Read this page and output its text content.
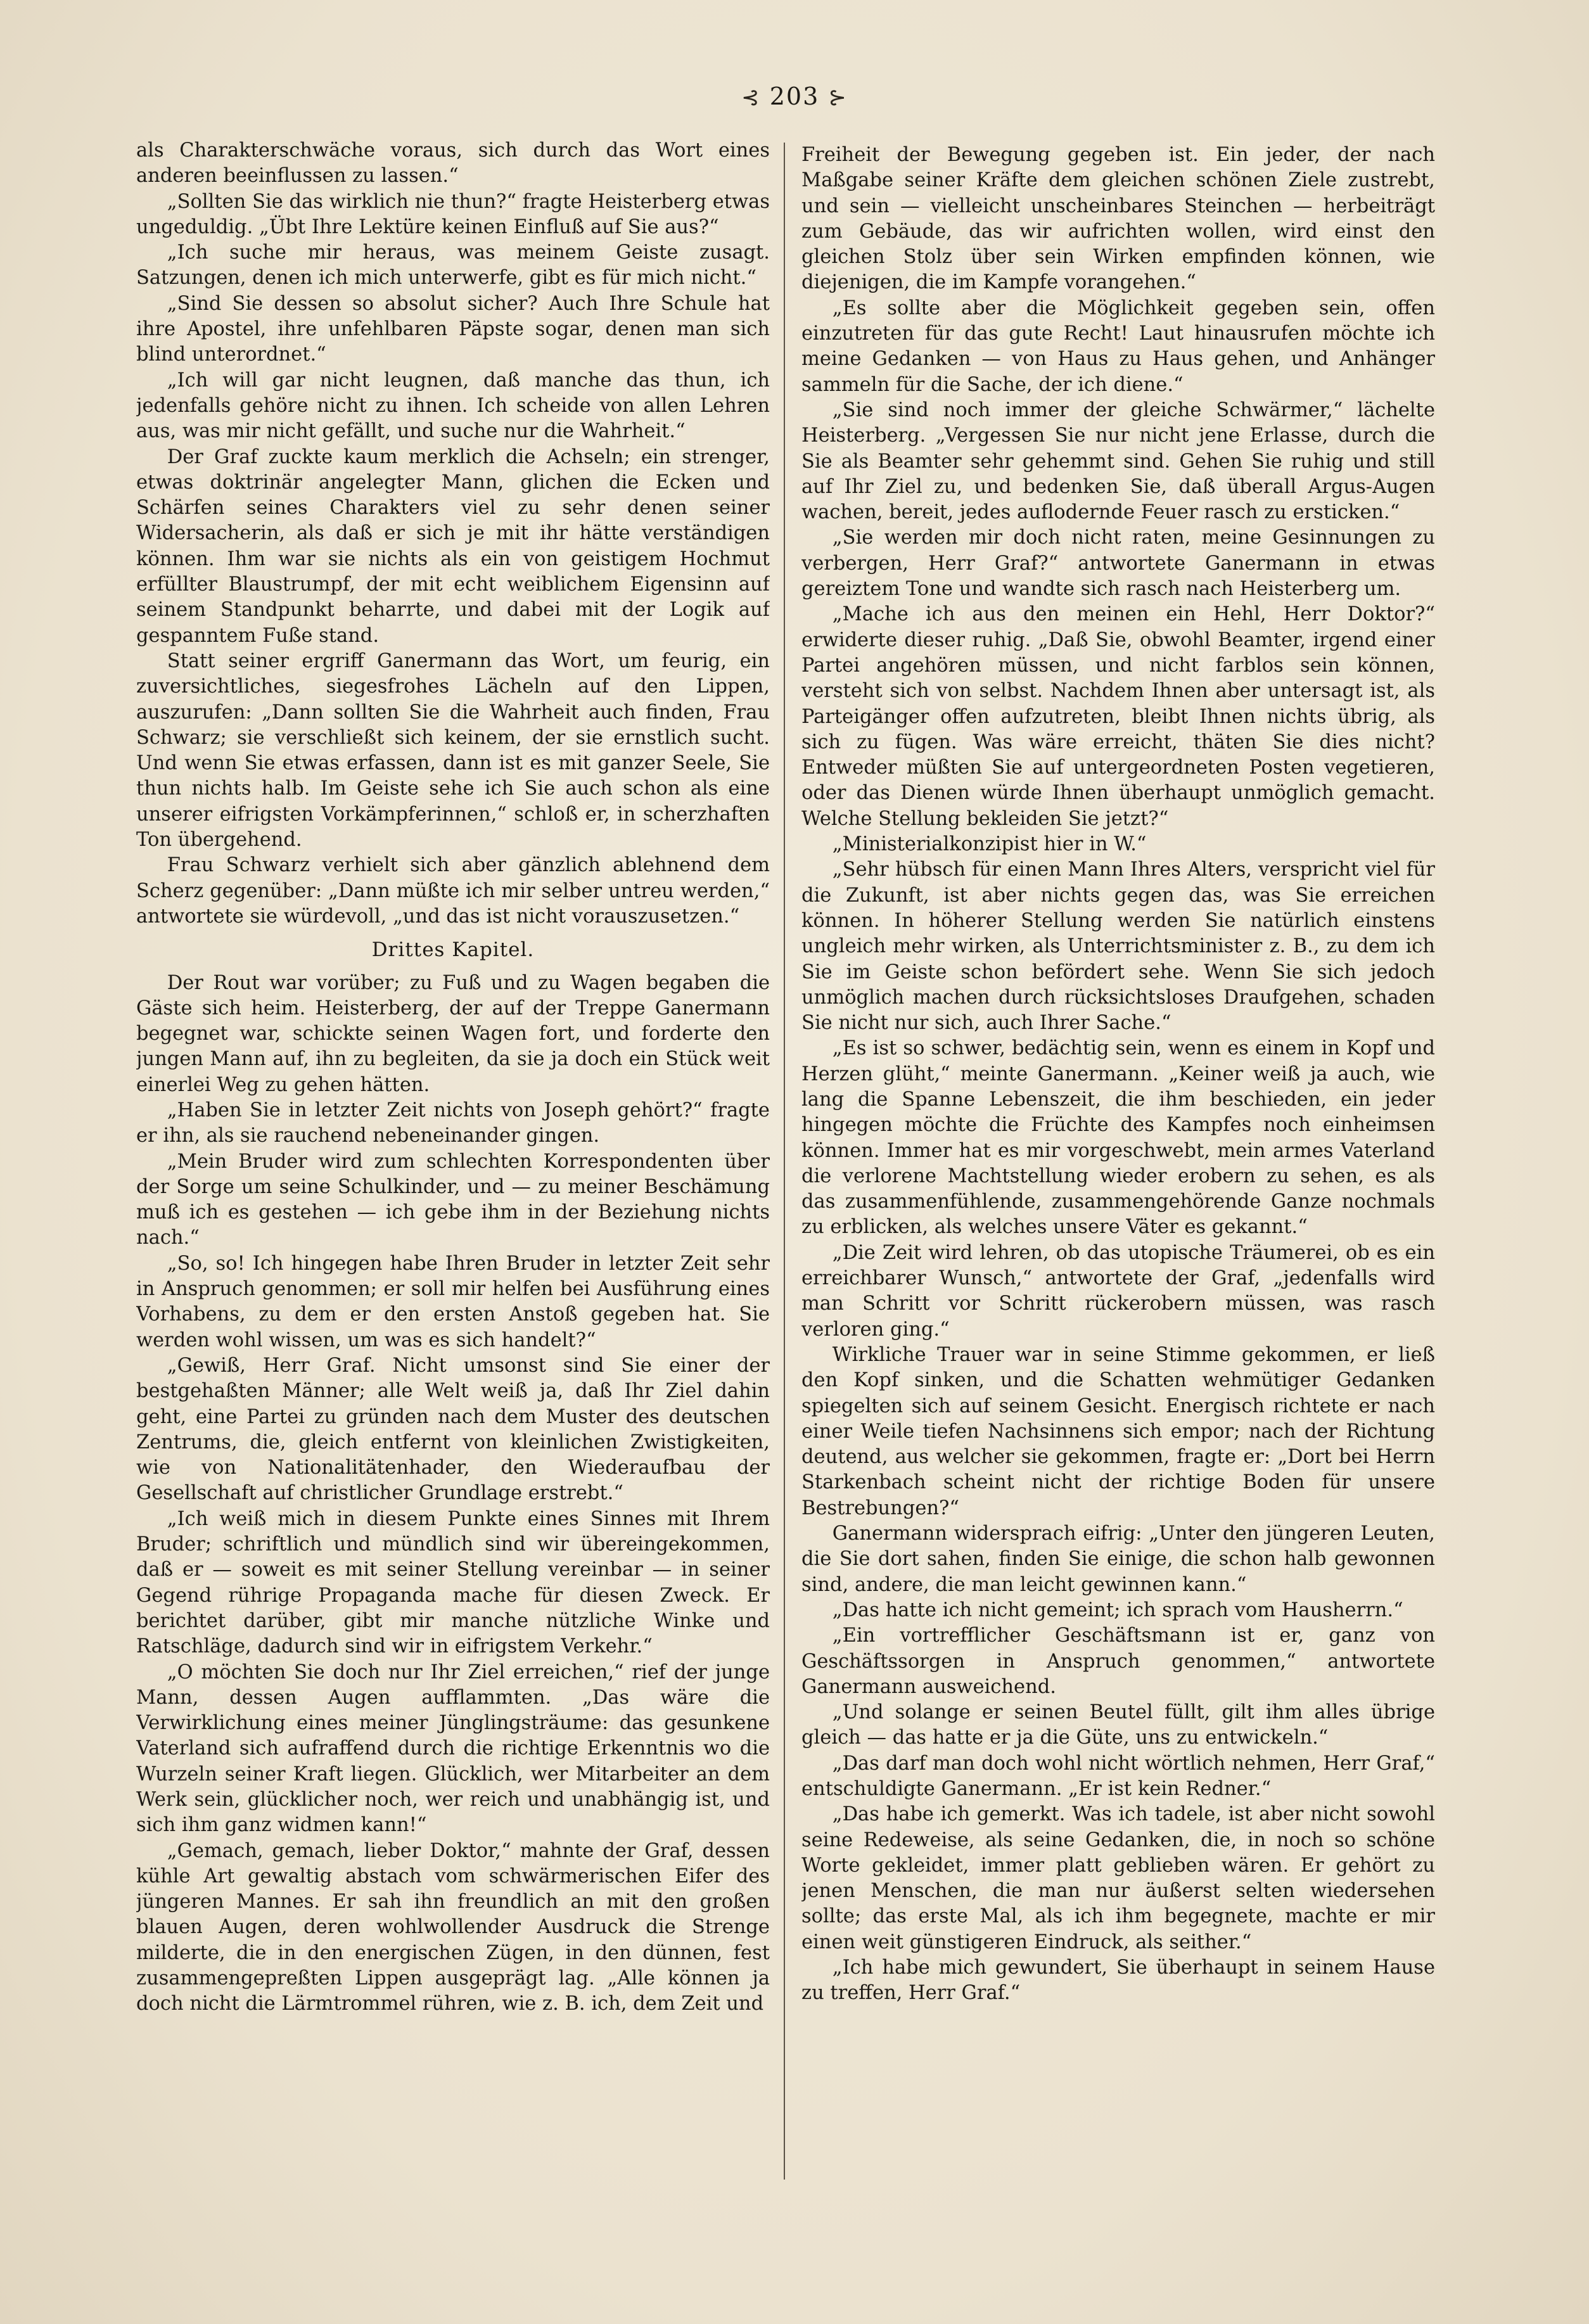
⊰ 203 ⊱

als Charakterschwäche voraus, sich durch das Wort eines anderen beeinflussen zu lassen.“

„Sollten Sie das wirklich nie thun?“ fragte Heisterberg etwas ungeduldig. „Übt Ihre Lektüre keinen Einfluß auf Sie aus?“

„Ich suche mir heraus, was meinem Geiste zusagt. Satzungen, denen ich mich unterwerfe, gibt es für mich nicht.“

„Sind Sie dessen so absolut sicher? Auch Ihre Schule hat ihre Apostel, ihre unfehlbaren Päpste sogar, denen man sich blind unterordnet.“

„Ich will gar nicht leugnen, daß manche das thun, ich jedenfalls gehöre nicht zu ihnen. Ich scheide von allen Lehren aus, was mir nicht gefällt, und suche nur die Wahrheit.“

Der Graf zuckte kaum merklich die Achseln; ein strenger, etwas doktrinär angelegter Mann, glichen die Ecken und Schärfen seines Charakters viel zu sehr denen seiner Widersacherin, als daß er sich je mit ihr hätte verständigen können. Ihm war sie nichts als ein von geistigem Hochmut erfüllter Blaustrumpf, der mit echt weiblichem Eigensinn auf seinem Standpunkt beharrte, und dabei mit der Logik auf gespanntem Fuße stand.

Statt seiner ergriff Ganermann das Wort, um feurig, ein zuversichtliches, siegesfrohes Lächeln auf den Lippen, auszurufen: „Dann sollten Sie die Wahrheit auch finden, Frau Schwarz; sie verschließt sich keinem, der sie ernstlich sucht. Und wenn Sie etwas erfassen, dann ist es mit ganzer Seele, Sie thun nichts halb. Im Geiste sehe ich Sie auch schon als eine unserer eifrigsten Vorkämpferinnen,“ schloß er, in scherzhaften Ton übergehend.

Frau Schwarz verhielt sich aber gänzlich ablehnend dem Scherz gegenüber: „Dann müßte ich mir selber untreu werden,“ antwortete sie würdevoll, „und das ist nicht vorauszusetzen.“

Drittes Kapitel.

Der Rout war vorüber; zu Fuß und zu Wagen begaben die Gäste sich heim. Heisterberg, der auf der Treppe Ganermann begegnet war, schickte seinen Wagen fort, und forderte den jungen Mann auf, ihn zu begleiten, da sie ja doch ein Stück weit einerlei Weg zu gehen hätten.

„Haben Sie in letzter Zeit nichts von Joseph gehört?“ fragte er ihn, als sie rauchend nebeneinander gingen.

„Mein Bruder wird zum schlechten Korrespondenten über der Sorge um seine Schulkinder, und — zu meiner Beschämung muß ich es gestehen — ich gebe ihm in der Beziehung nichts nach.“

„So, so! Ich hingegen habe Ihren Bruder in letzter Zeit sehr in Anspruch genommen; er soll mir helfen bei Ausführung eines Vorhabens, zu dem er den ersten Anstoß gegeben hat. Sie werden wohl wissen, um was es sich handelt?“

„Gewiß, Herr Graf. Nicht umsonst sind Sie einer der bestgehaßten Männer; alle Welt weiß ja, daß Ihr Ziel dahin geht, eine Partei zu gründen nach dem Muster des deutschen Zentrums, die, gleich entfernt von kleinlichen Zwistigkeiten, wie von Nationalitätenhader, den Wiederaufbau der Gesellschaft auf christlicher Grundlage erstrebt.“

„Ich weiß mich in diesem Punkte eines Sinnes mit Ihrem Bruder; schriftlich und mündlich sind wir übereingekommen, daß er — soweit es mit seiner Stellung vereinbar — in seiner Gegend rührige Propaganda mache für diesen Zweck. Er berichtet darüber, gibt mir manche nützliche Winke und Ratschläge, dadurch sind wir in eifrigstem Verkehr.“

„O möchten Sie doch nur Ihr Ziel erreichen,“ rief der junge Mann, dessen Augen aufflammten. „Das wäre die Verwirklichung eines meiner Jünglingsträume: das gesunkene Vaterland sich aufraffend durch die richtige Erkenntnis wo die Wurzeln seiner Kraft liegen. Glücklich, wer Mitarbeiter an dem Werk sein, glücklicher noch, wer reich und unabhängig ist, und sich ihm ganz widmen kann!“

„Gemach, gemach, lieber Doktor,“ mahnte der Graf, dessen kühle Art gewaltig abstach vom schwärmerischen Eifer des jüngeren Mannes. Er sah ihn freundlich an mit den großen blauen Augen, deren wohlwollender Ausdruck die Strenge milderte, die in den energischen Zügen, in den dünnen, fest zusammengepreßten Lippen ausgeprägt lag. „Alle können ja doch nicht die Lärmtrommel rühren, wie z. B. ich, dem Zeit und

Freiheit der Bewegung gegeben ist. Ein jeder, der nach Maßgabe seiner Kräfte dem gleichen schönen Ziele zustrebt, und sein — vielleicht unscheinbares Steinchen — herbeiträgt zum Gebäude, das wir aufrichten wollen, wird einst den gleichen Stolz über sein Wirken empfinden können, wie diejenigen, die im Kampfe vorangehen.“

„Es sollte aber die Möglichkeit gegeben sein, offen einzutreten für das gute Recht! Laut hinausrufen möchte ich meine Gedanken — von Haus zu Haus gehen, und Anhänger sammeln für die Sache, der ich diene.“

„Sie sind noch immer der gleiche Schwärmer,“ lächelte Heisterberg. „Vergessen Sie nur nicht jene Erlasse, durch die Sie als Beamter sehr gehemmt sind. Gehen Sie ruhig und still auf Ihr Ziel zu, und bedenken Sie, daß überall Argus-Augen wachen, bereit, jedes auflodernde Feuer rasch zu ersticken.“

„Sie werden mir doch nicht raten, meine Gesinnungen zu verbergen, Herr Graf?“ antwortete Ganermann in etwas gereiztem Tone und wandte sich rasch nach Heisterberg um.

„Mache ich aus den meinen ein Hehl, Herr Doktor?“ erwiderte dieser ruhig. „Daß Sie, obwohl Beamter, irgend einer Partei angehören müssen, und nicht farblos sein können, versteht sich von selbst. Nachdem Ihnen aber untersagt ist, als Parteigänger offen aufzutreten, bleibt Ihnen nichts übrig, als sich zu fügen. Was wäre erreicht, thäten Sie dies nicht? Entweder müßten Sie auf untergeordneten Posten vegetieren, oder das Dienen würde Ihnen überhaupt unmöglich gemacht. Welche Stellung bekleiden Sie jetzt?“

„Ministerialkonzipist hier in W.“

„Sehr hübsch für einen Mann Ihres Alters, verspricht viel für die Zukunft, ist aber nichts gegen das, was Sie erreichen können. In höherer Stellung werden Sie natürlich einstens ungleich mehr wirken, als Unterrichtsminister z. B., zu dem ich Sie im Geiste schon befördert sehe. Wenn Sie sich jedoch unmöglich machen durch rücksichtsloses Draufgehen, schaden Sie nicht nur sich, auch Ihrer Sache.“

„Es ist so schwer, bedächtig sein, wenn es einem in Kopf und Herzen glüht,“ meinte Ganermann. „Keiner weiß ja auch, wie lang die Spanne Lebenszeit, die ihm beschieden, ein jeder hingegen möchte die Früchte des Kampfes noch einheimsen können. Immer hat es mir vorgeschwebt, mein armes Vaterland die verlorene Machtstellung wieder erobern zu sehen, es als das zusammenfühlende, zusammengehörende Ganze nochmals zu erblicken, als welches unsere Väter es gekannt.“

„Die Zeit wird lehren, ob das utopische Träumerei, ob es ein erreichbarer Wunsch,“ antwortete der Graf, „jedenfalls wird man Schritt vor Schritt rückerobern müssen, was rasch verloren ging.“

Wirkliche Trauer war in seine Stimme gekommen, er ließ den Kopf sinken, und die Schatten wehmütiger Gedanken spiegelten sich auf seinem Gesicht. Energisch richtete er nach einer Weile tiefen Nachsinnens sich empor; nach der Richtung deutend, aus welcher sie gekommen, fragte er: „Dort bei Herrn Starkenbach scheint nicht der richtige Boden für unsere Bestrebungen?“

Ganermann widersprach eifrig: „Unter den jüngeren Leuten, die Sie dort sahen, finden Sie einige, die schon halb gewonnen sind, andere, die man leicht gewinnen kann.“

„Das hatte ich nicht gemeint; ich sprach vom Hausherrn.“

„Ein vortrefflicher Geschäftsmann ist er, ganz von Geschäftssorgen in Anspruch genommen,“ antwortete Ganermann ausweichend.

„Und solange er seinen Beutel füllt, gilt ihm alles übrige gleich — das hatte er ja die Güte, uns zu entwickeln.“

„Das darf man doch wohl nicht wörtlich nehmen, Herr Graf,“ entschuldigte Ganermann. „Er ist kein Redner.“

„Das habe ich gemerkt. Was ich tadele, ist aber nicht sowohl seine Redeweise, als seine Gedanken, die, in noch so schöne Worte gekleidet, immer platt geblieben wären. Er gehört zu jenen Menschen, die man nur äußerst selten wiedersehen sollte; das erste Mal, als ich ihm begegnete, machte er mir einen weit günstigeren Eindruck, als seither.“

„Ich habe mich gewundert, Sie überhaupt in seinem Hause zu treffen, Herr Graf.“
